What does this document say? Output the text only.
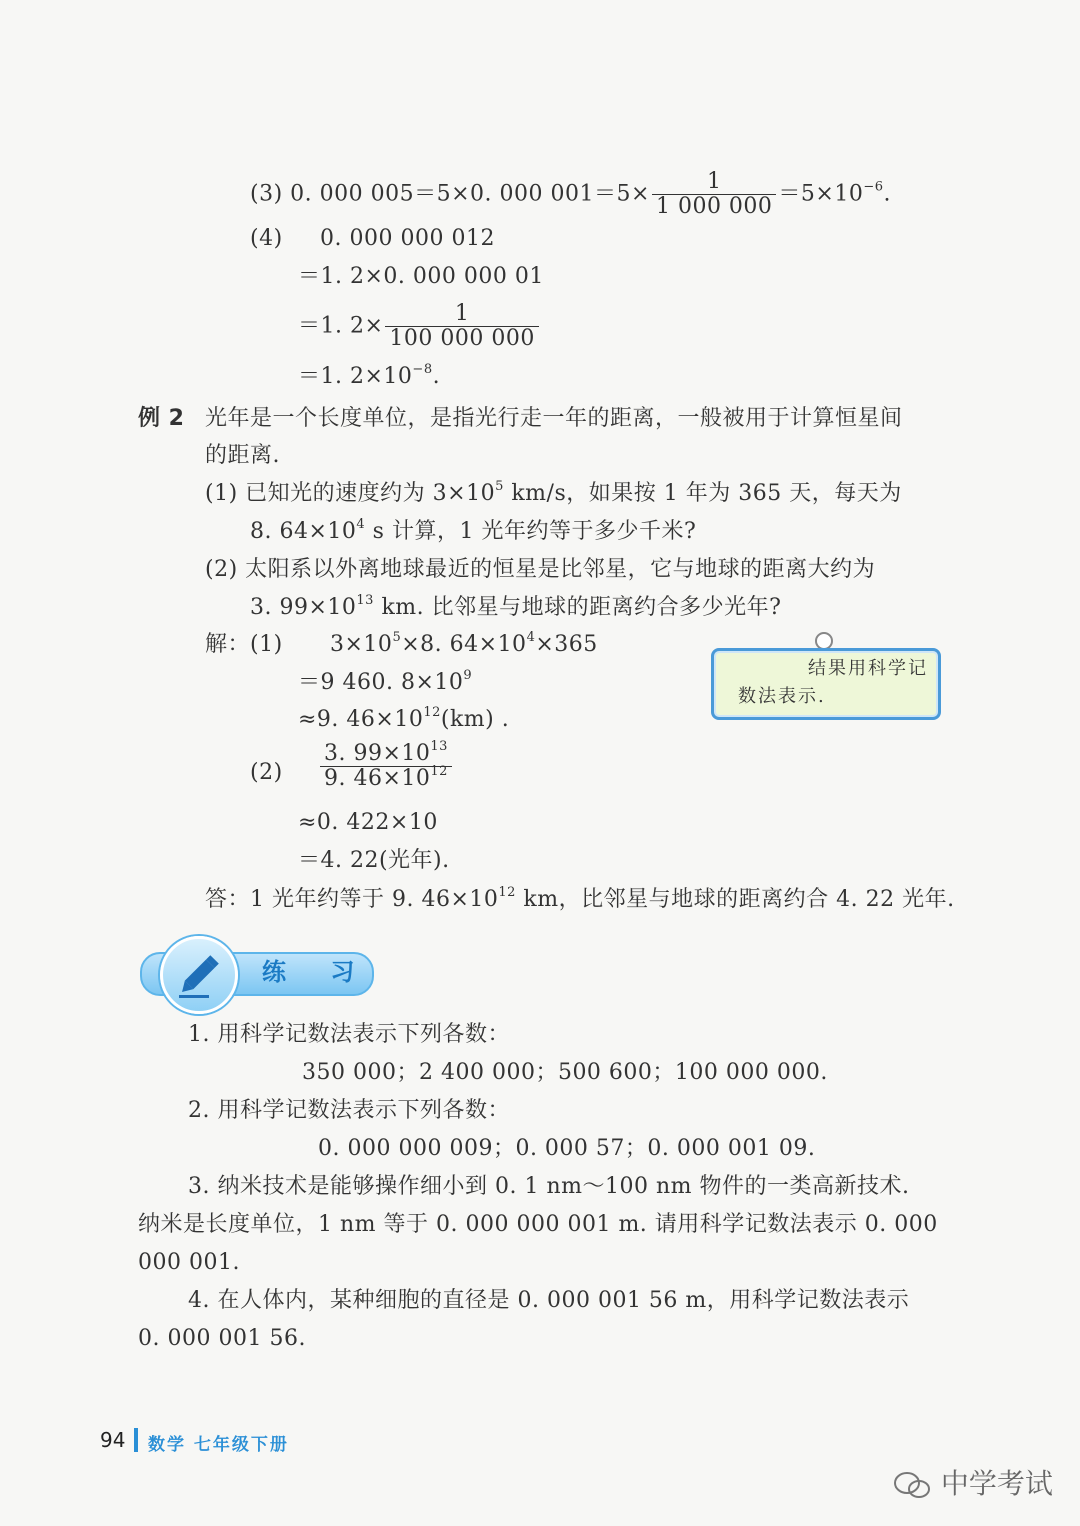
(3) 0. 000 005＝5×0. 000 $001=5\times \frac{1}{1 000 000} =5\times 10^{-6}$.
(4) 0. 000 000 012
＝1. 2×0. 000 000 01
＝1. $2\times \frac{1}{100 000 000}$
＝1. $2\times 10^{-8}$.
例 2 光年是一个长度单位，是指光行走一年的距离，一般被用于计算恒星间
的距离.
(1) 已知光的速度约为 $3\times 10^5$ km/s，如果按 1 年为 365 天，每天为
8. $64\times 10^4$ s 计算，1 光年约等于多少千米?
(2) 太阳系以外离地球最近的恒星是比邻星，它与地球的距离大约为
3. $99\times 10^{13}$ km. 比邻星与地球的距离约合多少光年?
解：(1) $3\times 10^5\times 8$. $64\times 10^4\times 365$
＝9 460. $8\times 10^9$
≈9. $46\times 10^{12}(km)$ .
$(2) \frac{3. 99\times 10^{13}}{9. 46\times 10^{12}}$
≈0. 422×10
＝4. 22(光年).
答：1 光年约等于 9. $46\times 10^{12}$ km，比邻星与地球的距离约合 4. 22 光年.
结果用科学记
数法表示.
练 习
1. 用科学记数法表示下列各数：
350 000；2 400 000；500 600；100 000 000.
2. 用科学记数法表示下列各数：
0. 000 000 009；0. 000 57；0. 000 001 09.
3. 纳米技术是能够操作细小到 0. 1 nm～100 nm 物件的一类高新技术.
纳米是长度单位，1 nm 等于 0. 000 000 001 m. 请用科学记数法表示 0. 000
000 001.
4. 在人体内，某种细胞的直径是 0. 000 001 56 m，用科学记数法表示
0. 000 001 56.
94 数学 七年级下册
中学考试
